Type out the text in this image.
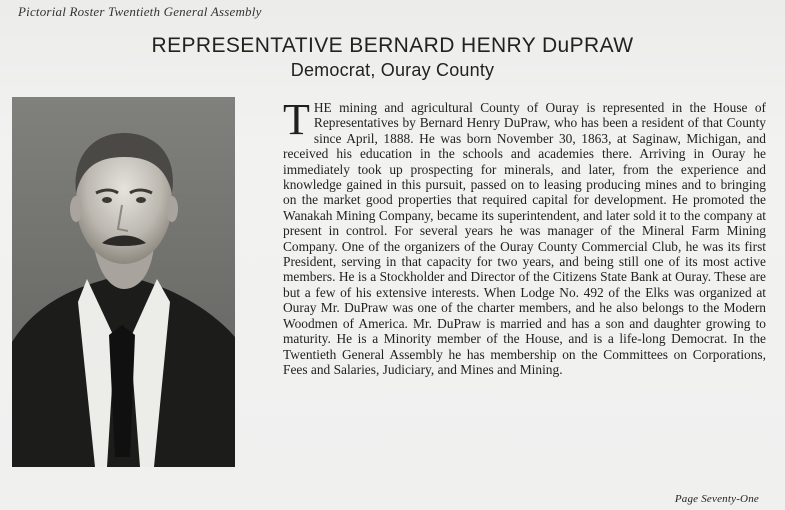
Pictorial Roster Twentieth General Assembly
REPRESENTATIVE BERNARD HENRY DuPRAW
Democrat, Ouray County

THE mining and agricultural County of Ouray is represented in the House of Representatives by Bernard Henry DuPraw, who has been a resident of that County since April, 1888. He was born November 30, 1863, at Saginaw, Michigan, and received his education in the schools and academies there. Arriving in Ouray he immediately took up prospecting for minerals, and later, from the experience and knowledge gained in this pursuit, passed on to leasing producing mines and to bringing on the market good properties that required capital for development. He promoted the Wanakah Mining Company, became its superintendent, and later sold it to the company at present in control. For several years he was manager of the Mineral Farm Mining Company. One of the organizers of the Ouray County Commercial Club, he was its first President, serving in that capacity for two years, and being still one of its most active members. He is a Stockholder and Director of the Citizens State Bank at Ouray. These are but a few of his extensive interests. When Lodge No. 492 of the Elks was organized at Ouray Mr. DuPraw was one of the charter members, and he also belongs to the Modern Woodmen of America. Mr. DuPraw is married and has a son and daughter growing to maturity. He is a Minority member of the House, and is a life-long Democrat. In the Twentieth General Assembly he has membership on the Committees on Corporations, Fees and Salaries, Judiciary, and Mines and Mining.

Page Seventy-One
